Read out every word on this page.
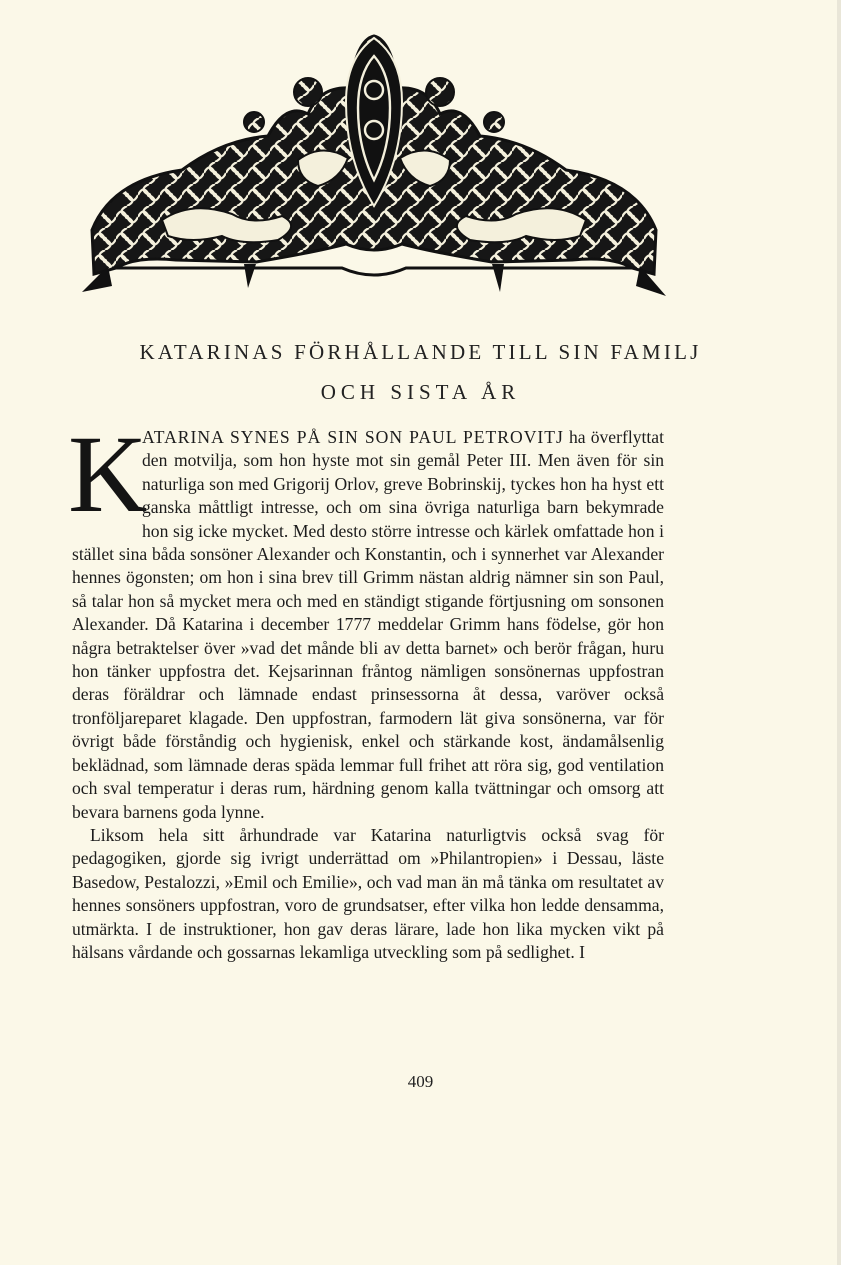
KATARINAS FÖRHÅLLANDE TILL SIN FAMILJ
OCH SISTA ÅR

K
ATARINA SYNES PÅ SIN SON PAUL PETROVITJ ha överflyttat den motvilja, som hon hyste mot sin gemål Peter III. Men även för sin naturliga son med Grigorij Orlov, greve Bobrinskij, tyckes hon ha hyst ett ganska måttligt intresse, och om sina övriga naturliga barn bekymrade hon sig icke mycket. Med desto större intresse och kärlek omfattade hon i stället sina båda sonsöner Alexander och Konstantin, och i synnerhet var Alexander hennes ögonsten; om hon i sina brev till Grimm nästan aldrig nämner sin son Paul, så talar hon så mycket mera och med en ständigt stigande förtjusning om sonsonen Alexander. Då Katarina i december 1777 meddelar Grimm hans födelse, gör hon några betraktelser över »vad det månde bli av detta barnet» och berör frågan, huru hon tänker uppfostra det. Kejsarinnan fråntog nämligen sonsönernas uppfostran deras föräldrar och lämnade endast prinsessorna åt dessa, varöver också tronföljareparet klagade. Den uppfostran, farmodern lät giva sonsönerna, var för övrigt både förståndig och hygienisk, enkel och stärkande kost, ändamålsenlig beklädnad, som lämnade deras späda lemmar full frihet att röra sig, god ventilation och sval temperatur i deras rum, härdning genom kalla tvättningar och omsorg att bevara barnens goda lynne.

Liksom hela sitt århundrade var Katarina naturligtvis också svag för pedagogiken, gjorde sig ivrigt underrättad om »Philantropien» i Dessau, läste Basedow, Pestalozzi, »Emil och Emilie», och vad man än må tänka om resultatet av hennes sonsöners uppfostran, voro de grundsatser, efter vilka hon ledde densamma, utmärkta. I de instruktioner, hon gav deras lärare, lade hon lika mycken vikt på hälsans vårdande och gossarnas lekamliga utveckling som på sedlighet. I

409
